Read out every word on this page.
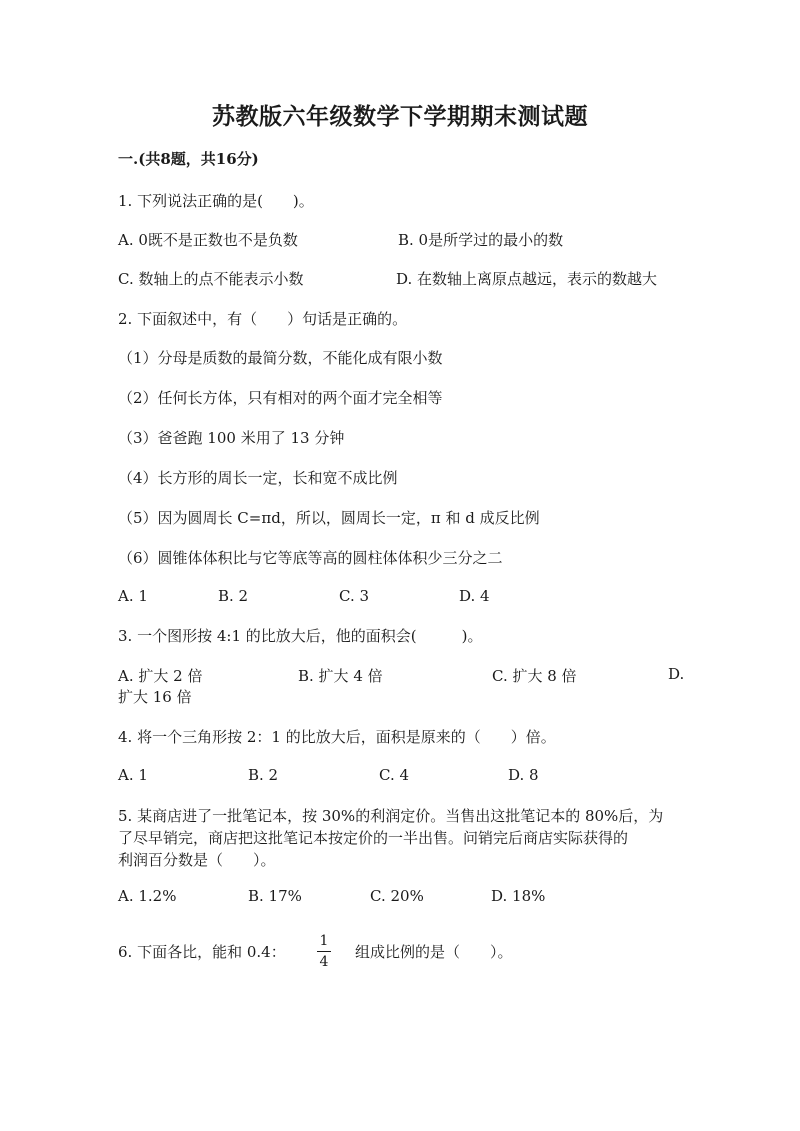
苏教版六年级数学下学期期末测试题
一.(共8题，共16分)
1. 下列说法正确的是(　　)。
A. 0既不是正数也不是负数	B. 0是所学过的最小的数
C. 数轴上的点不能表示小数	D. 在数轴上离原点越远，表示的数越大
2. 下面叙述中，有（　　）句话是正确的。
（1）分母是质数的最简分数，不能化成有限小数
（2）任何长方体，只有相对的两个面才完全相等
（3）爸爸跑 100 米用了 13 分钟
（4）长方形的周长一定，长和宽不成比例
（5）因为圆周长 C=πd，所以，圆周长一定，π 和 d 成反比例
（6）圆锥体体积比与它等底等高的圆柱体体积少三分之二
A. 1	B. 2	C. 3	D. 4
3. 一个图形按 4:1 的比放大后，他的面积会(　　　)。
A. 扩大 2 倍	B. 扩大 4 倍	C. 扩大 8 倍	D.
扩大 16 倍
4. 将一个三角形按 2：1 的比放大后，面积是原来的（　　）倍。
A. 1	B. 2	C. 4	D. 8
5. 某商店进了一批笔记本，按 30%的利润定价。当售出这批笔记本的 80%后，为
了尽早销完，商店把这批笔记本按定价的一半出售。问销完后商店实际获得的
利润百分数是（　　）。
A. 1.2%	B. 17%	C. 20%	D. 18%
6. 下面各比，能和 0.4：
1
4
组成比例的是（　　）。
